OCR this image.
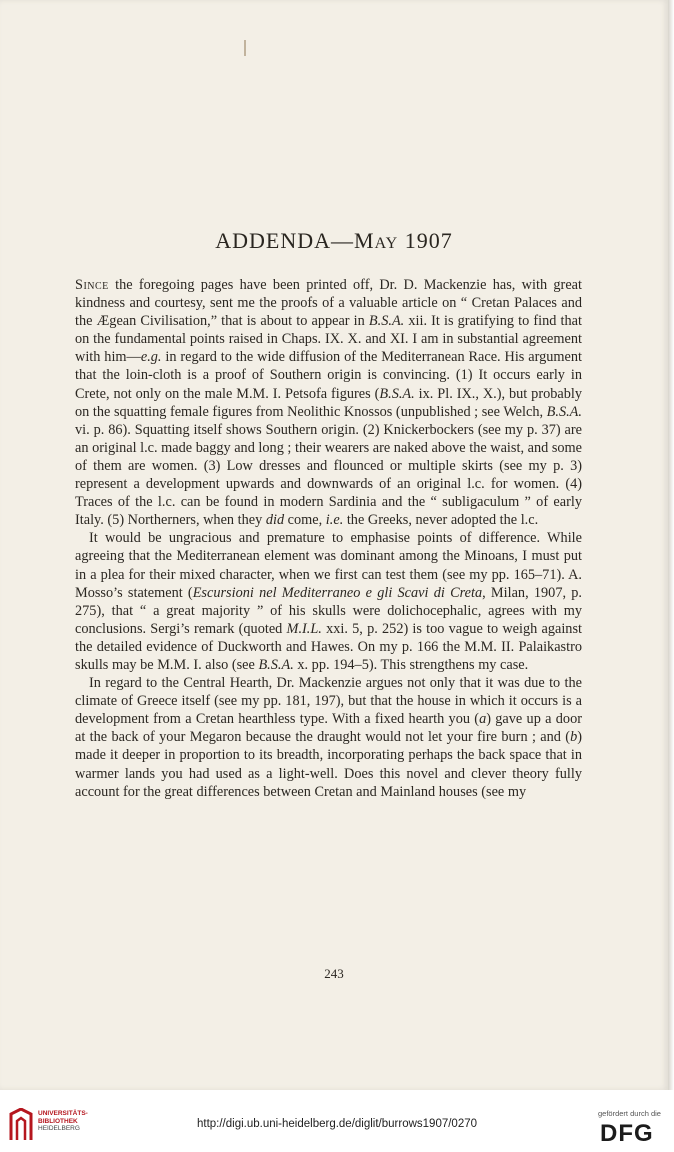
ADDENDA—MAY 1907

Since the foregoing pages have been printed off, Dr. D. Mackenzie has, with great kindness and courtesy, sent me the proofs of a valuable article on “ Cretan Palaces and the Ægean Civilisation,” that is about to appear in B.S.A. xii. It is gratifying to find that on the fundamental points raised in Chaps. IX. X. and XI. I am in substantial agreement with him—e.g. in regard to the wide diffusion of the Mediterranean Race. His argument that the loin-cloth is a proof of Southern origin is convincing. (1) It occurs early in Crete, not only on the male M.M. I. Petsofa figures (B.S.A. ix. Pl. IX., X.), but probably on the squatting female figures from Neolithic Knossos (unpublished ; see Welch, B.S.A. vi. p. 86). Squatting itself shows Southern origin. (2) Knickerbockers (see my p. 37) are an original l.c. made baggy and long ; their wearers are naked above the waist, and some of them are women. (3) Low dresses and flounced or multiple skirts (see my p. 3) represent a development upwards and downwards of an original l.c. for women. (4) Traces of the l.c. can be found in modern Sardinia and the “ subligaculum ” of early Italy. (5) Northerners, when they did come, i.e. the Greeks, never adopted the l.c.

It would be ungracious and premature to emphasise points of difference. While agreeing that the Mediterranean element was dominant among the Minoans, I must put in a plea for their mixed character, when we first can test them (see my pp. 165–71). A. Mosso’s statement (Escursioni nel Mediterraneo e gli Scavi di Creta, Milan, 1907, p. 275), that “ a great majority ” of his skulls were dolichocephalic, agrees with my conclusions. Sergi’s remark (quoted M.I.L. xxi. 5, p. 252) is too vague to weigh against the detailed evidence of Duckworth and Hawes. On my p. 166 the M.M. II. Palaikastro skulls may be M.M. I. also (see B.S.A. x. pp. 194–5). This strengthens my case.

In regard to the Central Hearth, Dr. Mackenzie argues not only that it was due to the climate of Greece itself (see my pp. 181, 197), but that the house in which it occurs is a development from a Cretan hearthless type. With a fixed hearth you (a) gave up a door at the back of your Megaron because the draught would not let your fire burn ; and (b) made it deeper in proportion to its breadth, incorporating perhaps the back space that in warmer lands you had used as a light-well. Does this novel and clever theory fully account for the great differences between Cretan and Mainland houses (see my

243
UNIVERSITÄTS-
BIBLIOTHEK
HEIDELBERG	http://digi.ub.uni-heidelberg.de/diglit/burrows1907/0270
gefördert durch die
DFG
